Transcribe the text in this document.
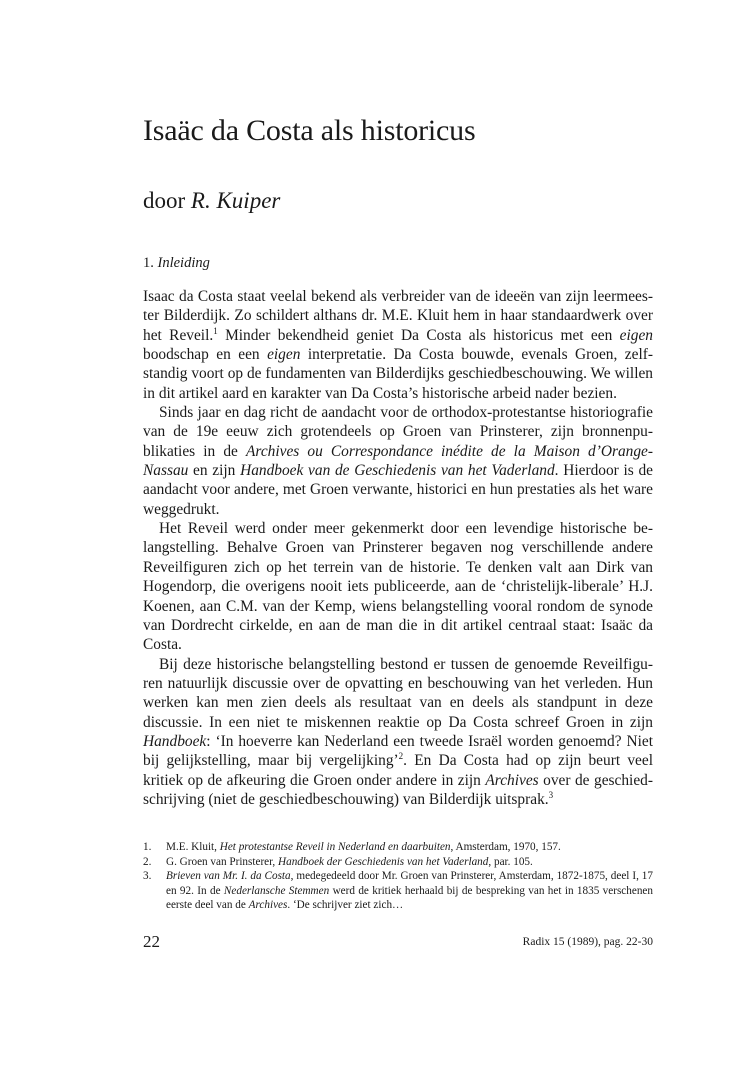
Isaäc da Costa als historicus
door R. Kuiper
1. Inleiding

Isaac da Costa staat veelal bekend als verbreider van de ideeën van zijn leermeester Bilderdijk. Zo schildert althans dr. M.E. Kluit hem in haar standaardwerk over het Reveil.$^1$ Minder bekendheid geniet Da Costa als historicus met een eigen boodschap en een eigen interpretatie. Da Costa bouwde, evenals Groen, zelfstandig voort op de fundamenten van Bilderdijks geschiedbeschouwing. We willen in dit artikel aard en karakter van Da Costa’s historische arbeid nader bezien.

Sinds jaar en dag richt de aandacht voor de orthodox-protestantse historiografie van de 19e eeuw zich grotendeels op Groen van Prinsterer, zijn bronnenpublikaties in de Archives ou Correspondance inédite de la Maison d’Orange-Nassau en zijn Handboek van de Geschiedenis van het Vaderland. Hierdoor is de aandacht voor andere, met Groen verwante, historici en hun prestaties als het ware weggedrukt.

Het Reveil werd onder meer gekenmerkt door een levendige historische belangstelling. Behalve Groen van Prinsterer begaven nog verschillende andere Reveilfiguren zich op het terrein van de historie. Te denken valt aan Dirk van Hogendorp, die overigens nooit iets publiceerde, aan de ‘christelijk-liberale’ H.J. Koenen, aan C.M. van der Kemp, wiens belangstelling vooral rondom de synode van Dordrecht cirkelde, en aan de man die in dit artikel centraal staat: Isaäc da Costa.

Bij deze historische belangstelling bestond er tussen de genoemde Reveilfiguren natuurlijk discussie over de opvatting en beschouwing van het verleden. Hun werken kan men zien deels als resultaat van en deels als standpunt in deze discussie. In een niet te miskennen reaktie op Da Costa schreef Groen in zijn Handboek: ‘In hoeverre kan Nederland een tweede Israël worden genoemd? Niet bij gelijkstelling, maar bij vergelijking’$^2$. En Da Costa had op zijn beurt veel kritiek op de afkeuring die Groen onder andere in zijn Archives over de geschiedschrijving (niet de geschiedbeschouwing) van Bilderdijk uitsprak.$^3$

1.	M.E. Kluit, Het protestantse Reveil in Nederland en daarbuiten, Amsterdam, 1970, 157.
2.	G. Groen van Prinsterer, Handboek der Geschiedenis van het Vaderland, par. 105.
3.	Brieven van Mr. I. da Costa, medegedeeld door Mr. Groen van Prinsterer, Amsterdam, 1872-1875, deel I, 17 en 92. In de Nederlansche Stemmen werd de kritiek herhaald bij de bespreking van het in 1835 verschenen eerste deel van de Archives. ‘De schrijver ziet zich…
22	Radix 15 (1989), pag. 22-30
